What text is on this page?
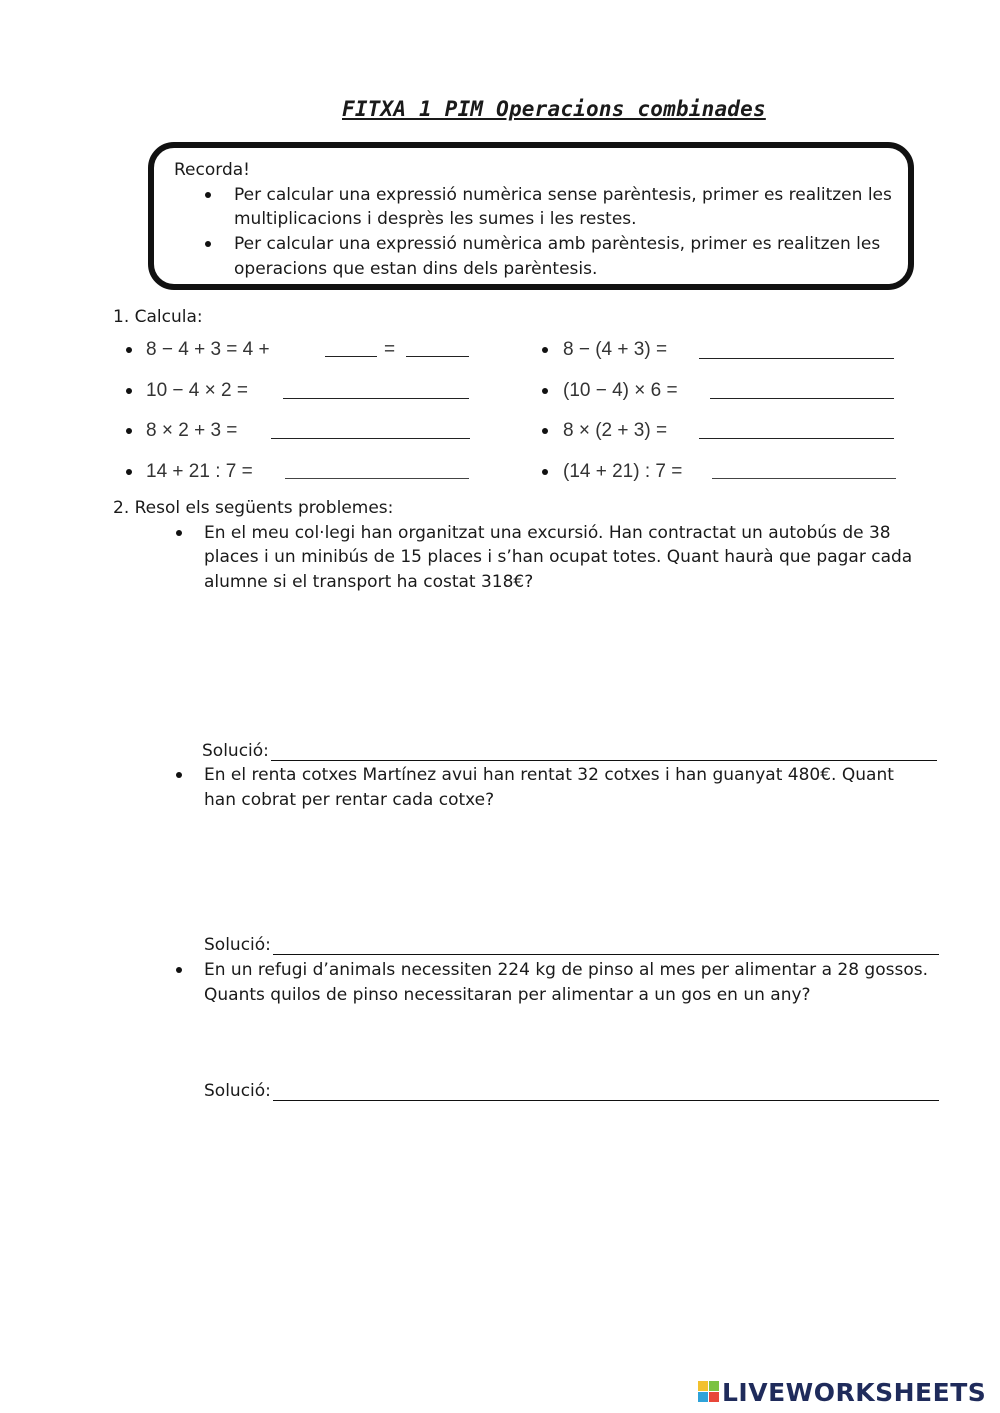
FITXA 1 PIM Operacions combinades
Recorda!
Per calcular una expressió numèrica sense parèntesis, primer es realitzen les
multiplicacions i desprès les sumes i les restes.
Per calcular una expressió numèrica amb parèntesis, primer es realitzen les
operacions que estan dins dels parèntesis.
1. Calcula:
8 − 4 + 3 = 4 +	=
10 − 4 × 2 =
8 × 2 + 3 =
14 + 21 : 7 =
8 − (4 + 3) =
(10 − 4) × 6 =
8 × (2 + 3) =
(14 + 21) : 7 =
2. Resol els següents problemes:
En el meu col·legi han organitzat una excursió. Han contractat un autobús de 38
places i un minibús de 15 places i s’han ocupat totes. Quant haurà que pagar cada
alumne si el transport ha costat 318€?
Solució:
En el renta cotxes Martínez avui han rentat 32 cotxes i han guanyat 480€. Quant
han cobrat per rentar cada cotxe?
Solució:
En un refugi d’animals necessiten 224 kg de pinso al mes per alimentar a 28 gossos.
Quants quilos de pinso necessitaran per alimentar a un gos en un any?
Solució:
LIVEWORKSHEETS
